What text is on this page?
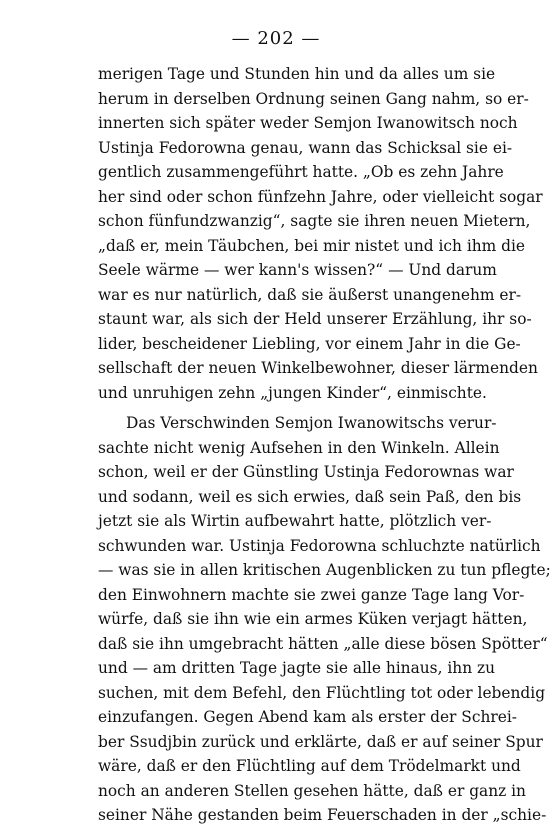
— 202 —
merigen Tage und Stunden hin und da alles um sie
herum in derselben Ordnung seinen Gang nahm, so er-
innerten sich später weder Semjon Iwanowitsch noch
Ustinja Fedorowna genau, wann das Schicksal sie ei-
gentlich zusammengeführt hatte. „Ob es zehn Jahre
her sind oder schon fünfzehn Jahre, oder vielleicht sogar
schon fünfundzwanzig“, sagte sie ihren neuen Mietern,
„daß er, mein Täubchen, bei mir nistet und ich ihm die
Seele wärme — wer kann's wissen?“ — Und darum
war es nur natürlich, daß sie äußerst unangenehm er-
staunt war, als sich der Held unserer Erzählung, ihr so-
lider, bescheidener Liebling, vor einem Jahr in die Ge-
sellschaft der neuen Winkelbewohner, dieser lärmenden
und unruhigen zehn „jungen Kinder“, einmischte.
Das Verschwinden Semjon Iwanowitschs verur-
sachte nicht wenig Aufsehen in den Winkeln. Allein
schon, weil er der Günstling Ustinja Fedorownas war
und sodann, weil es sich erwies, daß sein Paß, den bis
jetzt sie als Wirtin aufbewahrt hatte, plötzlich ver-
schwunden war. Ustinja Fedorowna schluchzte natürlich
— was sie in allen kritischen Augenblicken zu tun pflegte;
den Einwohnern machte sie zwei ganze Tage lang Vor-
würfe, daß sie ihn wie ein armes Küken verjagt hätten,
daß sie ihn umgebracht hätten „alle diese bösen Spötter“
und — am dritten Tage jagte sie alle hinaus, ihn zu
suchen, mit dem Befehl, den Flüchtling tot oder lebendig
einzufangen. Gegen Abend kam als erster der Schrei-
ber Ssudjbin zurück und erklärte, daß er auf seiner Spur
wäre, daß er den Flüchtling auf dem Trödelmarkt und
noch an anderen Stellen gesehen hätte, daß er ganz in
seiner Nähe gestanden beim Feuerschaden in der „schie-
